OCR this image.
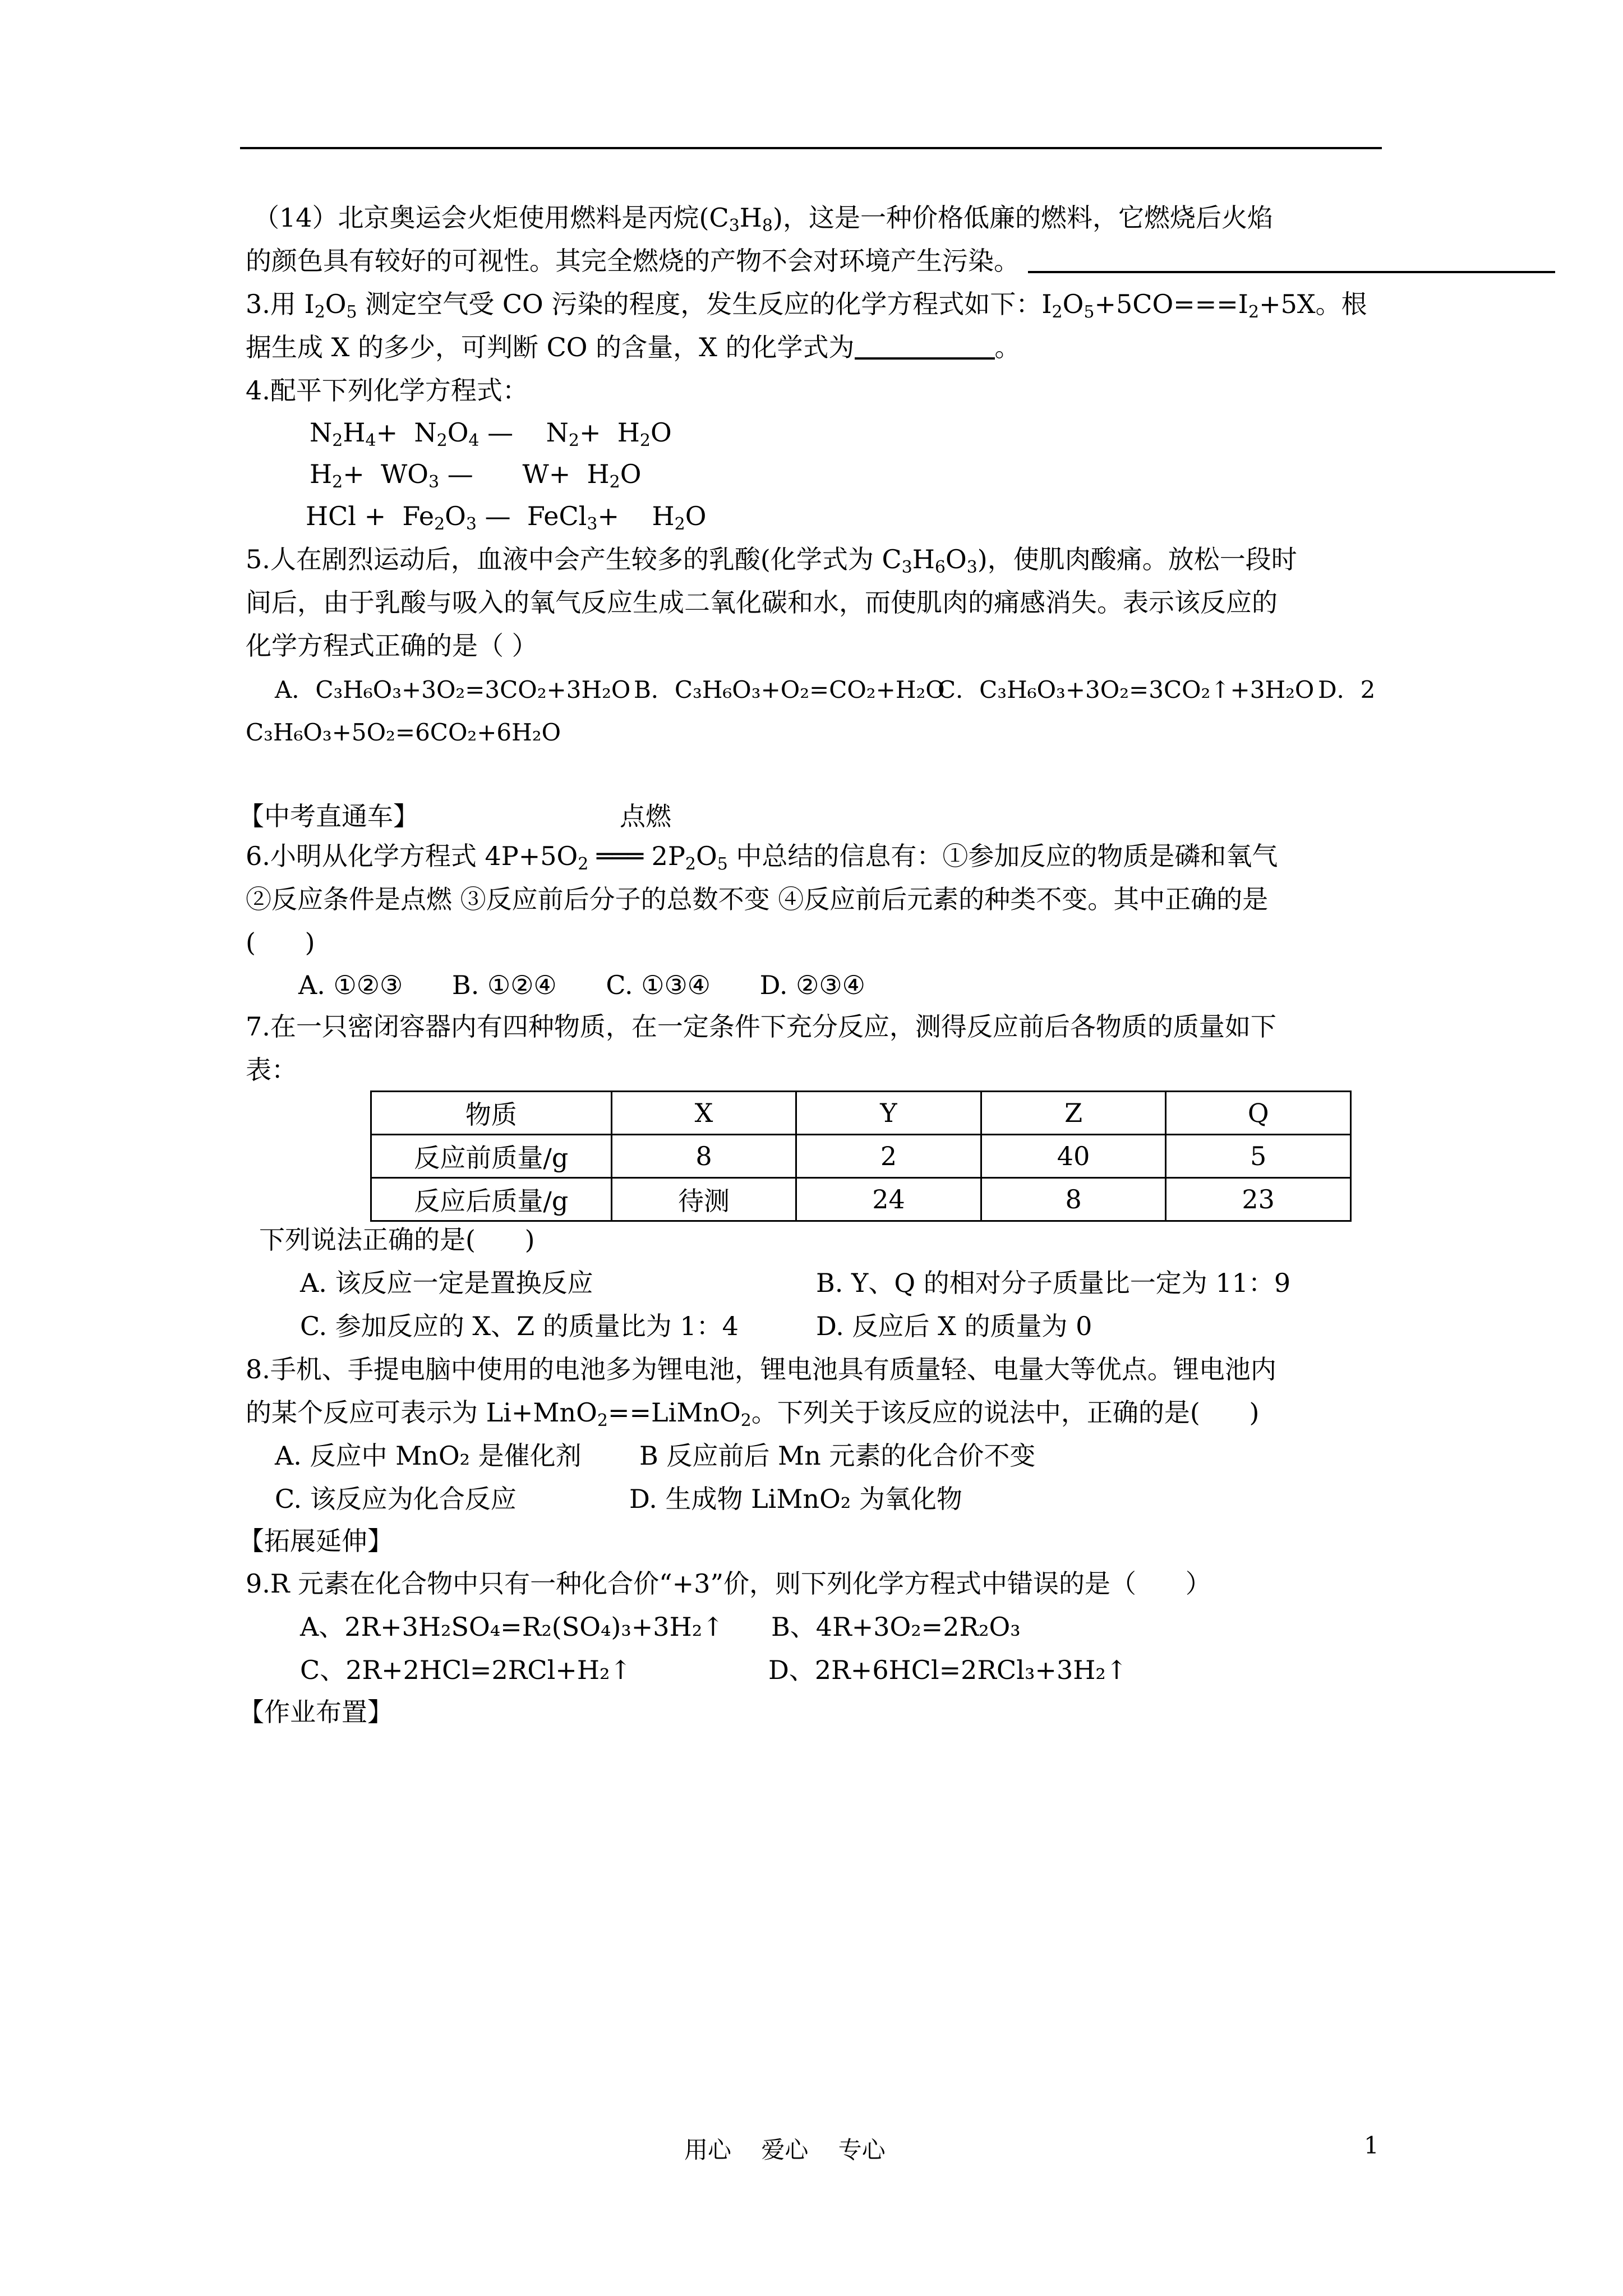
（14）北京奥运会火炬使用燃料是丙烷$(C_3H_8)$，这是一种价格低廉的燃料，它燃烧后火焰
的颜色具有较好的可视性。其完全燃烧的产物不会对环境产生污染。
3.用 $I_2O_5$ 测定空气受 CO 污染的程度，发生反应的化学方程式如下：$I_2O_5+5CO===I_2+5X$。根
据生成 X 的多少，可判断 CO 的含量，X 的化学式为	。
4.配平下列化学方程式：
$N_2H_4+ N_2O_4$ —    $N_2+ H_2O$
$H_2+ WO_3$ —      $W+ H_2O$
HCl +  $Fe_2O_3$ —  FeCl$_3$+    $H_2O$
5.人在剧烈运动后，血液中会产生较多的乳酸(化学式为 $C_3H_6O_3$)，使肌肉酸痛。放松一段时
间后，由于乳酸与吸入的氧气反应生成二氧化碳和水，而使肌肉的痛感消失。表示该反应的
化学方程式正确的是（ ）
A．C₃H₆O₃+3O₂=3CO₂+3H₂O B．C₃H₆O₃+O₂=CO₂+H₂O
C．C₃H₆O₃+3O₂=3CO₂↑+3H₂O D．2
C₃H₆O₃+5O₂=6CO₂+6H₂O
【中考直通车】	点燃
6.小明从化学方程式 $4P+5O_2$ ═══ $2P_2O_5$ 中总结的信息有：①参加反应的物质是磷和氧气
②反应条件是点燃 ③反应前后分子的总数不变 ④反应前后元素的种类不变。其中正确的是
(      )
A. ①②③      B. ①②④      C. ①③④      D. ②③④
7.在一只密闭容器内有四种物质，在一定条件下充分反应，测得反应前后各物质的质量如下
表：
物质	X	Y	Z	Q
反应前质量/g	8	2	40	5
反应后质量/g	待测	24	8	23
下列说法正确的是(      )
A. 该反应一定是置换反应	B. Y、Q 的相对分子质量比一定为 11：9
C. 参加反应的 X、Z 的质量比为 1：4	D. 反应后 X 的质量为 0
8.手机、手提电脑中使用的电池多为锂电池，锂电池具有质量轻、电量大等优点。锂电池内
的某个反应可表示为 Li+MnO$_2$==LiMnO$_2$。下列关于该反应的说法中，正确的是(      )
A. 反应中 MnO₂ 是催化剂 B 反应前后 Mn 元素的化合价不变
C. 该反应为化合反应	D. 生成物 LiMnO₂ 为氧化物
【拓展延伸】
9.R 元素在化合物中只有一种化合价“+3”价，则下列化学方程式中错误的是（      ）
A、2R+3H₂SO₄=R₂(SO₄)₃+3H₂↑ B、4R+3O₂=2R₂O₃
C、2R+2HCl=2RCl+H₂↑	D、2R+6HCl=2RCl₃+3H₂↑
【作业布置】
用心    爱心    专心	1
